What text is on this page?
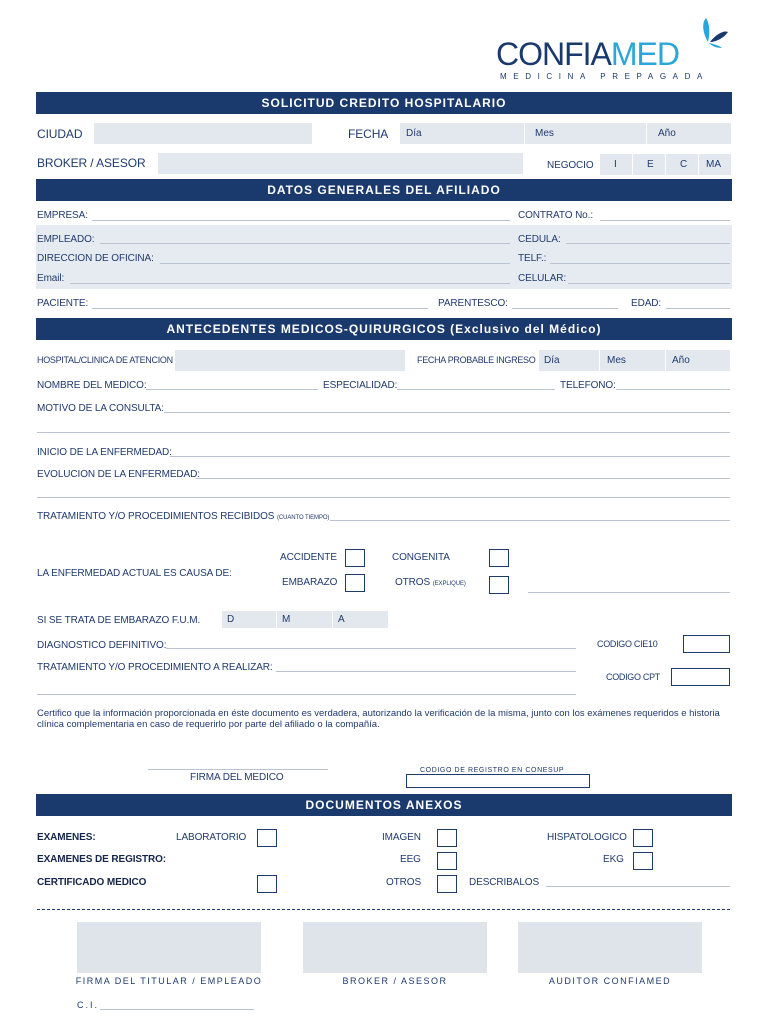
CONFIAMED
MEDICINA PREPAGADA
SOLICITUD CREDITO HOSPITALARIO
CIUDAD	FECHA Día	Mes	Año
BROKER / ASESOR	NEGOCIO I	E	C MA
DATOS GENERALES DEL AFILIADO
EMPRESA:	CONTRATO No.:
EMPLEADO:	CEDULA:
DIRECCION DE OFICINA:	TELF.:
Email:	CELULAR:
PACIENTE:	PARENTESCO:	EDAD:
ANTECEDENTES MEDICOS-QUIRURGICOS (Exclusivo del Médico)
HOSPITAL/CLINICA DE ATENCION	FECHA PROBABLE INGRESO Día	Mes	Año
NOMBRE DEL MEDICO:	ESPECIALIDAD:	TELEFONO:
MOTIVO DE LA CONSULTA:
INICIO DE LA ENFERMEDAD:
EVOLUCION DE LA ENFERMEDAD:
TRATAMIENTO Y/O PROCEDIMIENTOS RECIBIDOS (CUANTO TIEMPO)
LA ENFERMEDAD ACTUAL ES CAUSA DE:
ACCIDENTE	CONGENITA
EMBARAZO	OTROS (EXPLIQUE)
SI SE TRATA DE EMBARAZO F.U.M.	D	M	A
DIAGNOSTICO DEFINITIVO:	CODIGO CIE10
TRATAMIENTO Y/O PROCEDIMIENTO A REALIZAR:
CODIGO CPT
Certifico que la información proporcionada en éste documento es verdadera, autorizando la verificación de la misma, junto con los exámenes requeridos e historia clínica complementaria en caso de requerirlo por parte del afiliado o la compañía.
FIRMA DEL MEDICO
CODIGO DE REGISTRO EN CONESUP
DOCUMENTOS ANEXOS
EXAMENES:	LABORATORIO	IMAGEN	HISPATOLOGICO
EXAMENES DE REGISTRO:	EEG	EKG
CERTIFICADO MEDICO	OTROS	DESCRIBALOS
FIRMA DEL TITULAR / EMPLEADO	BROKER / ASESOR	AUDITOR CONFIAMED
C.I.
